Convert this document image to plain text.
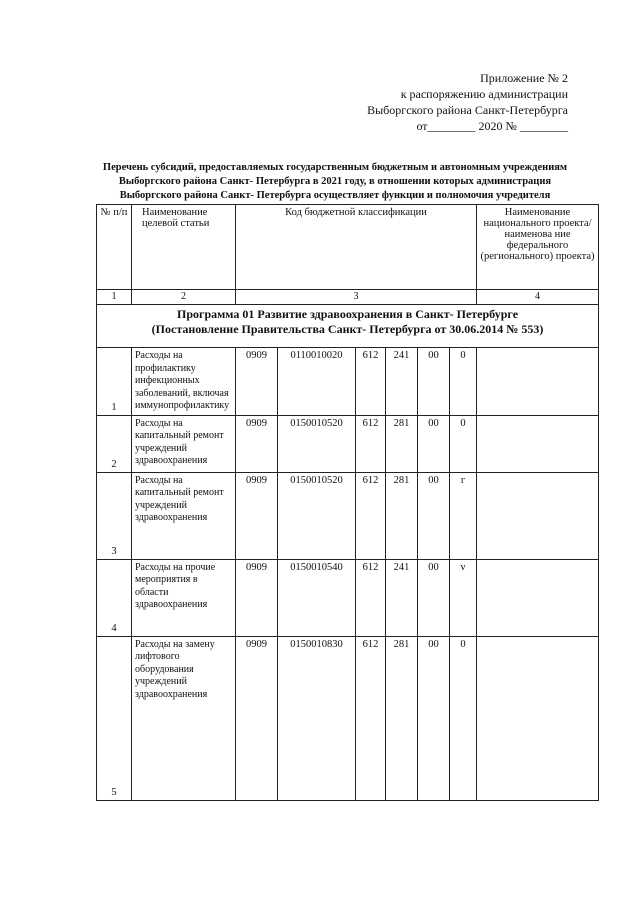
Приложение № 2
к распоряжению администрации
Выборгского района Санкт-Петербурга
от________ 2020 № ________
Перечень субсидий, предоставляемых государственным бюджетным и автономным учреждениям
Выборгского района Санкт- Петербурга в 2021 году, в отношении которых администрация
Выборгского района Санкт- Петербурга осуществляет функции и полномочия учредителя
№ п/п	Наименование целевой статьи	Код бюджетной классификации						Наименование национального проекта/наименова ние федерального (регионального) проекта)
1	2	3						4

Программа 01 Развитие здравоохранения в Санкт- Петербурге
(Постановление Правительства Санкт- Петербурга от 30.06.2014 № 553)								

1	Расходы на профилактику инфекционных заболеваний, включая иммунопрофилактику	0909	0110010020	612	241	00	0	
2	Расходы на капитальный ремонт учреждений здравоохранения	0909	0150010520	612	281	00	0	
3	Расходы на капитальный ремонт учреждений здравоохранения	0909	0150010520	612	281	00	г	
4	Расходы на прочие мероприятия в области здравоохранения	0909	0150010540	612	241	00	v	
5	Расходы на замену лифтового оборудования учреждений здравоохранения	0909	0150010830	612	281	00	0	
